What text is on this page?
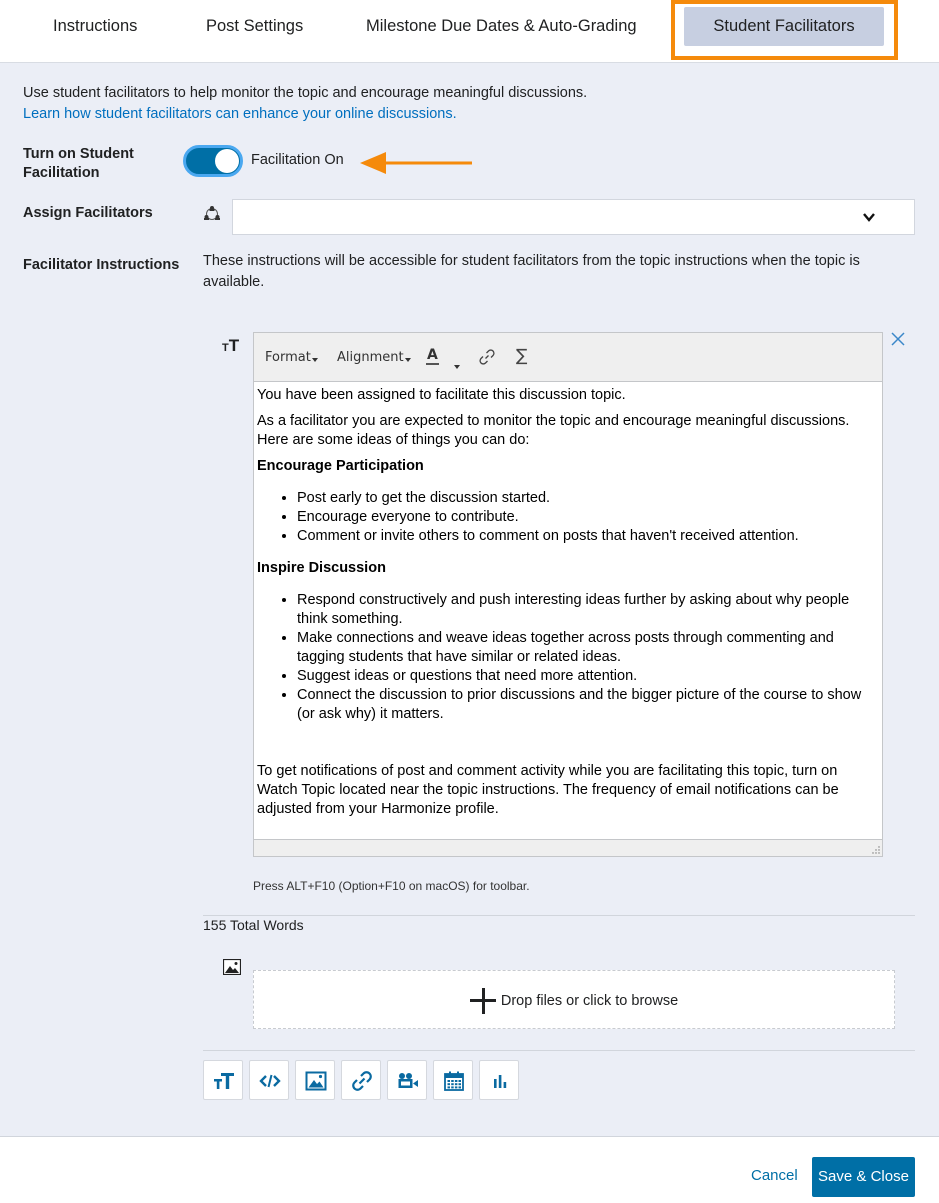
Instructions	Post Settings	Milestone Due Dates & Auto-Grading	Student Facilitators
Use student facilitators to help monitor the topic and encourage meaningful discussions.
Learn how student facilitators can enhance your online discussions.
Turn on Student Facilitation
Facilitation On
Assign Facilitators
Facilitator Instructions These instructions will be accessible for student facilitators from the topic instructions when the topic is available.
TT
Format	Alignment	A	∑

You have been assigned to facilitate this discussion topic.

As a facilitator you are expected to monitor the topic and encourage meaningful discussions. Here are some ideas of things you can do:

Encourage Participation

• Post early to get the discussion started.
• Encourage everyone to contribute.
• Comment or invite others to comment on posts that haven't received attention.

Inspire Discussion

• Respond constructively and push interesting ideas further by asking about why people think something.
• Make connections and weave ideas together across posts through commenting and tagging students that have similar or related ideas.
• Suggest ideas or questions that need more attention.
• Connect the discussion to prior discussions and the bigger picture of the course to show (or ask why) it matters.

To get notifications of post and comment activity while you are facilitating this topic, turn on Watch Topic located near the topic instructions. The frequency of email notifications can be adjusted from your Harmonize profile.

Press ALT+F10 (Option+F10 on macOS) for toolbar.
155 Total Words
Drop files or click to browse
Cancel	Save & Close
